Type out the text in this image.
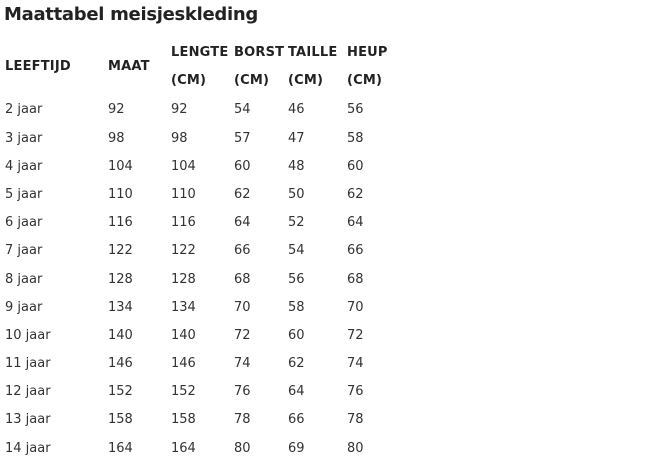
Maattabel meisjeskleding
LEEFTIJD	MAAT	LENGTE	BORST	TAILLE	HEUP
		(CM)	(CM)	(CM)	(CM)
2 jaar	92	92	54	46	56
3 jaar	98	98	57	47	58
4 jaar	104	104	60	48	60
5 jaar	110	110	62	50	62
6 jaar	116	116	64	52	64
7 jaar	122	122	66	54	66
8 jaar	128	128	68	56	68
9 jaar	134	134	70	58	70
10 jaar	140	140	72	60	72
11 jaar	146	146	74	62	74
12 jaar	152	152	76	64	76
13 jaar	158	158	78	66	78
14 jaar	164	164	80	69	80
